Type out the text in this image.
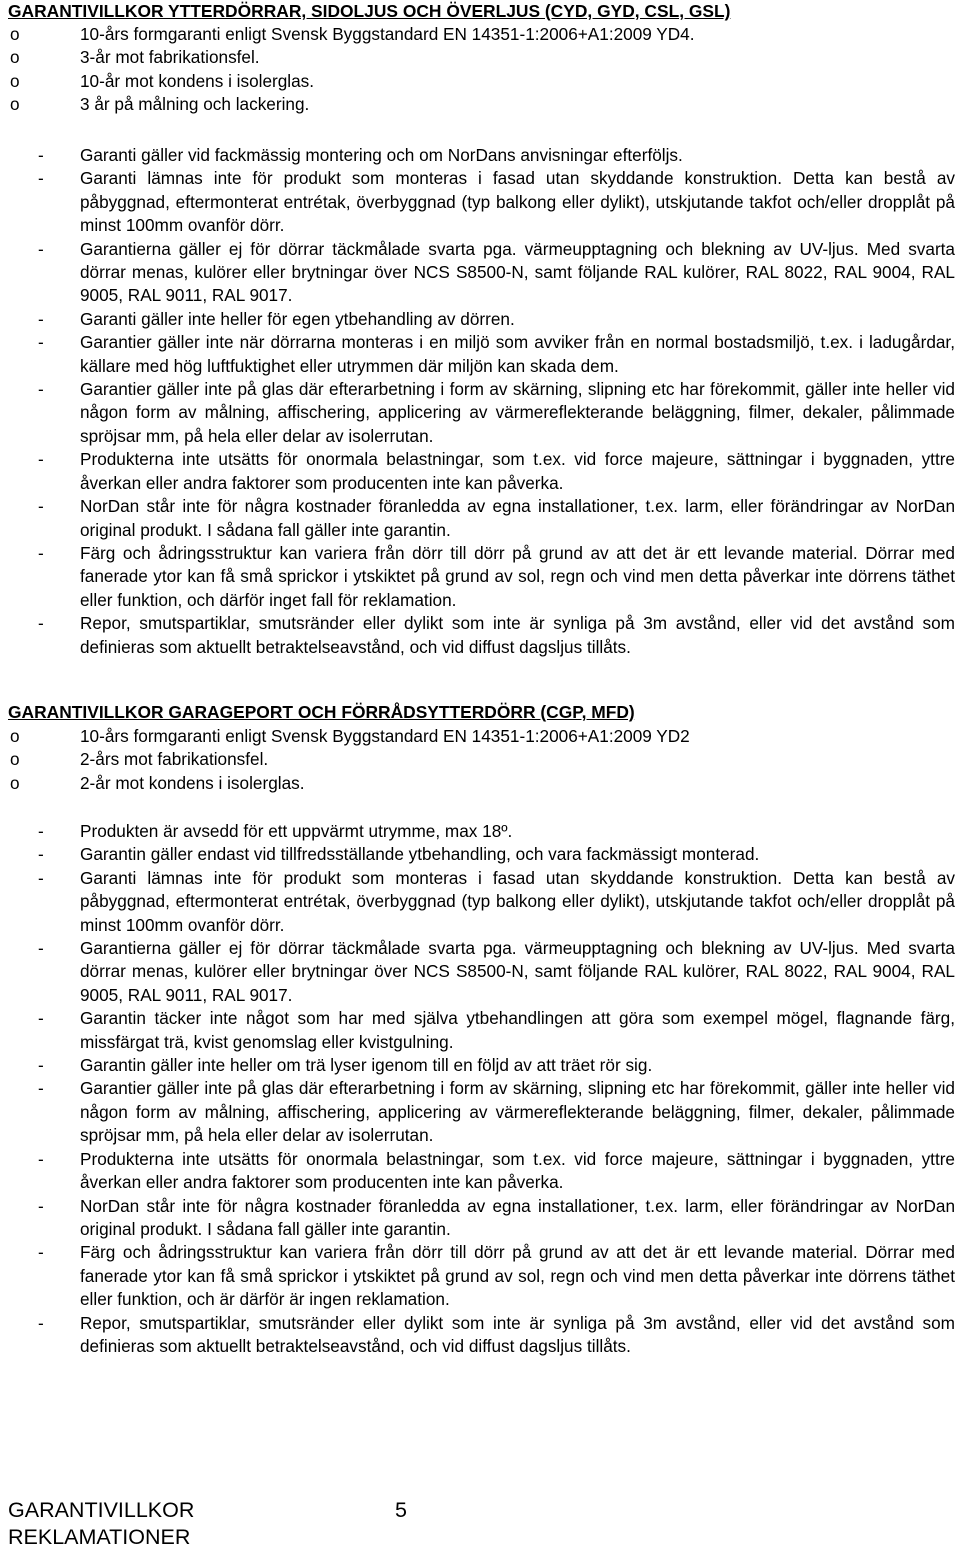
GARANTIVILLKOR YTTERDÖRRAR, SIDOLJUS OCH ÖVERLJUS (CYD, GYD, CSL, GSL)
o	10-års formgaranti enligt Svensk Byggstandard EN 14351-1:2006+A1:2009 YD4.
o	3-år mot fabrikationsfel.
o	10-år mot kondens i isolerglas.
o	3 år på målning och lackering.
- Garanti gäller vid fackmässig montering och om NorDans anvisningar efterföljs.
- Garanti lämnas inte för produkt som monteras i fasad utan skyddande konstruktion. Detta kan bestå av påbyggnad, eftermonterat entrétak, överbyggnad (typ balkong eller dylikt), utskjutande takfot och/eller dropplåt på minst 100mm ovanför dörr.
- Garantierna gäller ej för dörrar täckmålade svarta pga. värmeupptagning och blekning av UV-ljus. Med svarta dörrar menas, kulörer eller brytningar över NCS S8500-N, samt följande RAL kulörer, RAL 8022, RAL 9004, RAL 9005, RAL 9011, RAL 9017.
- Garanti gäller inte heller för egen ytbehandling av dörren.
- Garantier gäller inte när dörrarna monteras i en miljö som avviker från en normal bostadsmiljö, t.ex. i ladugårdar, källare med hög luftfuktighet eller utrymmen där miljön kan skada dem.
- Garantier gäller inte på glas där efterarbetning i form av skärning, slipning etc har förekommit, gäller inte heller vid någon form av målning, affischering, applicering av värmereflekterande beläggning, filmer, dekaler, pålimmade spröjsar mm, på hela eller delar av isolerrutan.
- Produkterna inte utsätts för onormala belastningar, som t.ex. vid force majeure, sättningar i byggnaden, yttre åverkan eller andra faktorer som producenten inte kan påverka.
- NorDan står inte för några kostnader föranledda av egna installationer, t.ex. larm, eller förändringar av NorDan original produkt. I sådana fall gäller inte garantin.
- Färg och ådringsstruktur kan variera från dörr till dörr på grund av att det är ett levande material. Dörrar med fanerade ytor kan få små sprickor i ytskiktet på grund av sol, regn och vind men detta påverkar inte dörrens täthet eller funktion, och därför inget fall för reklamation.
- Repor, smutspartiklar, smutsränder eller dylikt som inte är synliga på 3m avstånd, eller vid det avstånd som definieras som aktuellt betraktelseavstånd, och vid diffust dagsljus tillåts.
GARANTIVILLKOR GARAGEPORT OCH FÖRRÅDSYTTERDÖRR (CGP, MFD)
o	10-års formgaranti enligt Svensk Byggstandard EN 14351-1:2006+A1:2009 YD2
o	2-års mot fabrikationsfel.
o	2-år mot kondens i isolerglas.
- Produkten är avsedd för ett uppvärmt utrymme, max 18º.
- Garantin gäller endast vid tillfredsställande ytbehandling, och vara fackmässigt monterad.
- Garanti lämnas inte för produkt som monteras i fasad utan skyddande konstruktion. Detta kan bestå av påbyggnad, eftermonterat entrétak, överbyggnad (typ balkong eller dylikt), utskjutande takfot och/eller dropplåt på minst 100mm ovanför dörr.
- Garantierna gäller ej för dörrar täckmålade svarta pga. värmeupptagning och blekning av UV-ljus. Med svarta dörrar menas, kulörer eller brytningar över NCS S8500-N, samt följande RAL kulörer, RAL 8022, RAL 9004, RAL 9005, RAL 9011, RAL 9017.
- Garantin täcker inte något som har med själva ytbehandlingen att göra som exempel mögel, flagnande färg, missfärgat trä, kvist genomslag eller kvistgulning.
- Garantin gäller inte heller om trä lyser igenom till en följd av att träet rör sig.
- Garantier gäller inte på glas där efterarbetning i form av skärning, slipning etc har förekommit, gäller inte heller vid någon form av målning, affischering, applicering av värmereflekterande beläggning, filmer, dekaler, pålimmade spröjsar mm, på hela eller delar av isolerrutan.
- Produkterna inte utsätts för onormala belastningar, som t.ex. vid force majeure, sättningar i byggnaden, yttre åverkan eller andra faktorer som producenten inte kan påverka.
- NorDan står inte för några kostnader föranledda av egna installationer, t.ex. larm, eller förändringar av NorDan original produkt. I sådana fall gäller inte garantin.
- Färg och ådringsstruktur kan variera från dörr till dörr på grund av att det är ett levande material. Dörrar med fanerade ytor kan få små sprickor i ytskiktet på grund av sol, regn och vind men detta påverkar inte dörrens täthet eller funktion, och är därför är ingen reklamation.
- Repor, smutspartiklar, smutsränder eller dylikt som inte är synliga på 3m avstånd, eller vid det avstånd som definieras som aktuellt betraktelseavstånd, och vid diffust dagsljus tillåts.
GARANTIVILLKOR REKLAMATIONER
5
